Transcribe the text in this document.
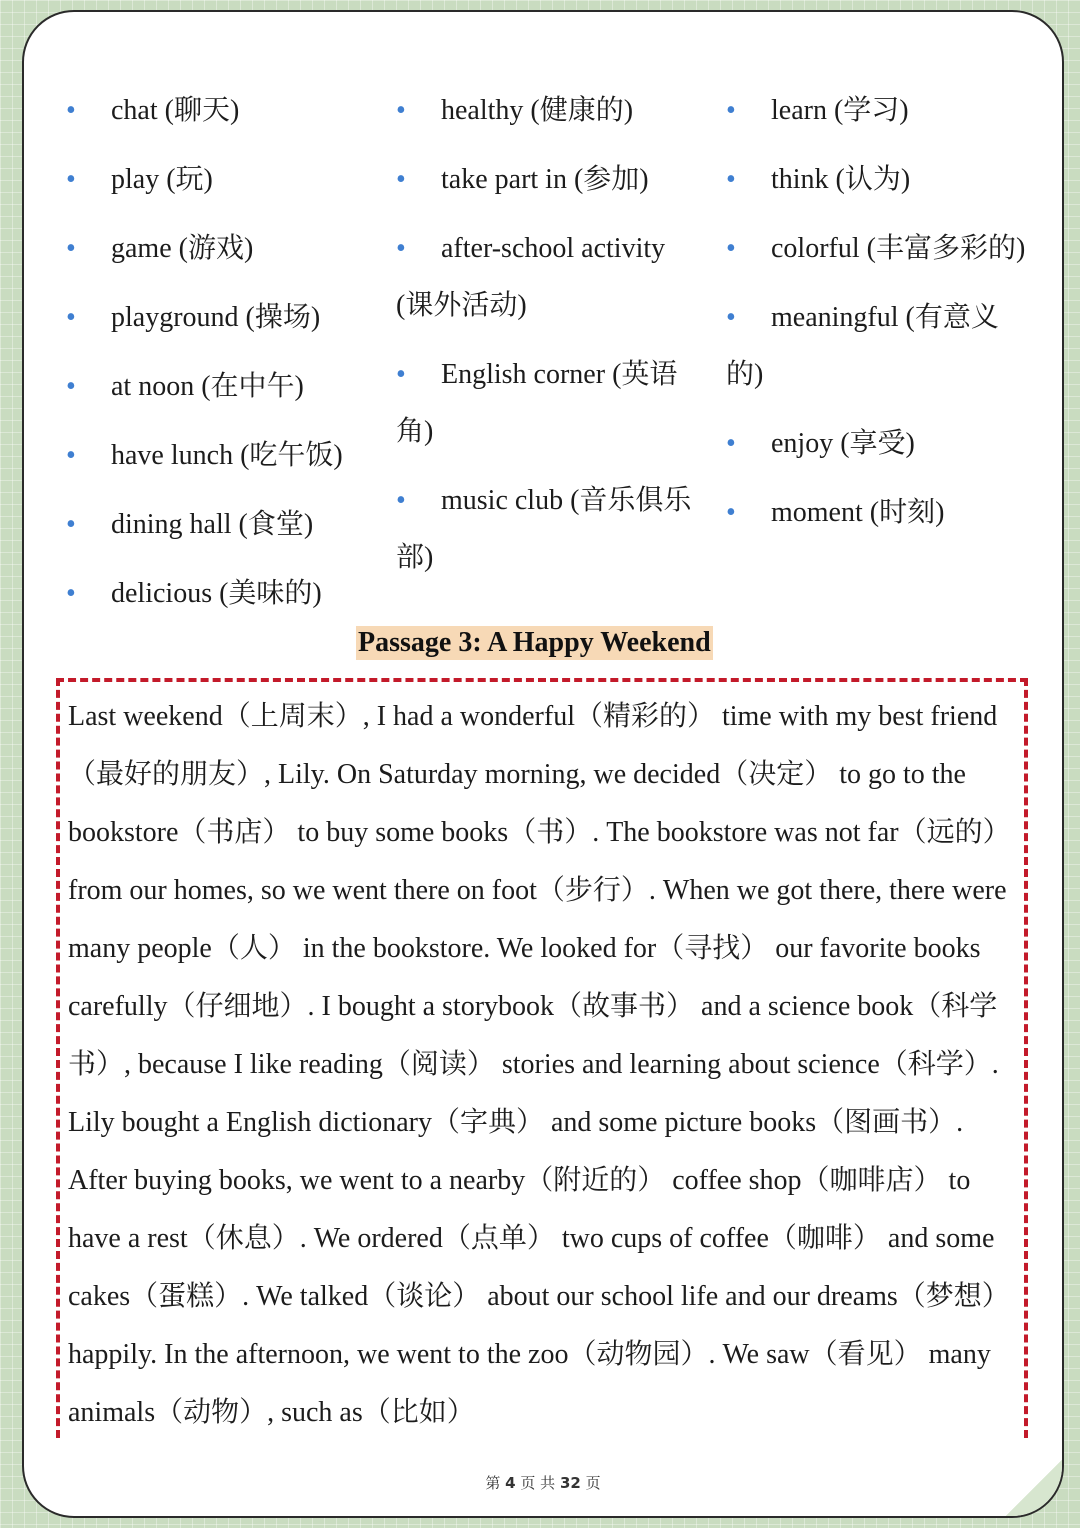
• chat (聊天)
• play (玩)
• game (游戏)
• playground (操场)
• at noon (在中午)
• have lunch (吃午饭)
• dining hall (食堂)
• delicious (美味的)
• healthy (健康的)
• take part in (参加)
• after-school activity (课外活动)
• English corner (英语角)
• music club (音乐俱乐部)
• learn (学习)
• think (认为)
• colorful (丰富多彩的)
• meaningful (有意义的)
• enjoy (享受)
• moment (时刻)
Passage 3: A Happy Weekend

Last weekend（上周末）, I had a wonderful（精彩的） time with my best friend（最好的朋友）, Lily. On Saturday morning, we decided（决定） to go to the bookstore（书店） to buy some books（书）. The bookstore was not far（远的） from our homes, so we went there on foot（步行）. When we got there, there were many people（人） in the bookstore. We looked for（寻找） our favorite books carefully（仔细地）. I bought a storybook（故事书） and a science book（科学书）, because I like reading（阅读） stories and learning about science（科学）. Lily bought a English dictionary（字典） and some picture books（图画书）. After buying books, we went to a nearby（附近的） coffee shop（咖啡店） to have a rest（休息）. We ordered（点单） two cups of coffee（咖啡） and some cakes（蛋糕）. We talked（谈论） about our school life and our dreams（梦想） happily. In the afternoon, we went to the zoo（动物园）. We saw（看见） many animals（动物）, such as（比如）

第 4 页 共 32 页
